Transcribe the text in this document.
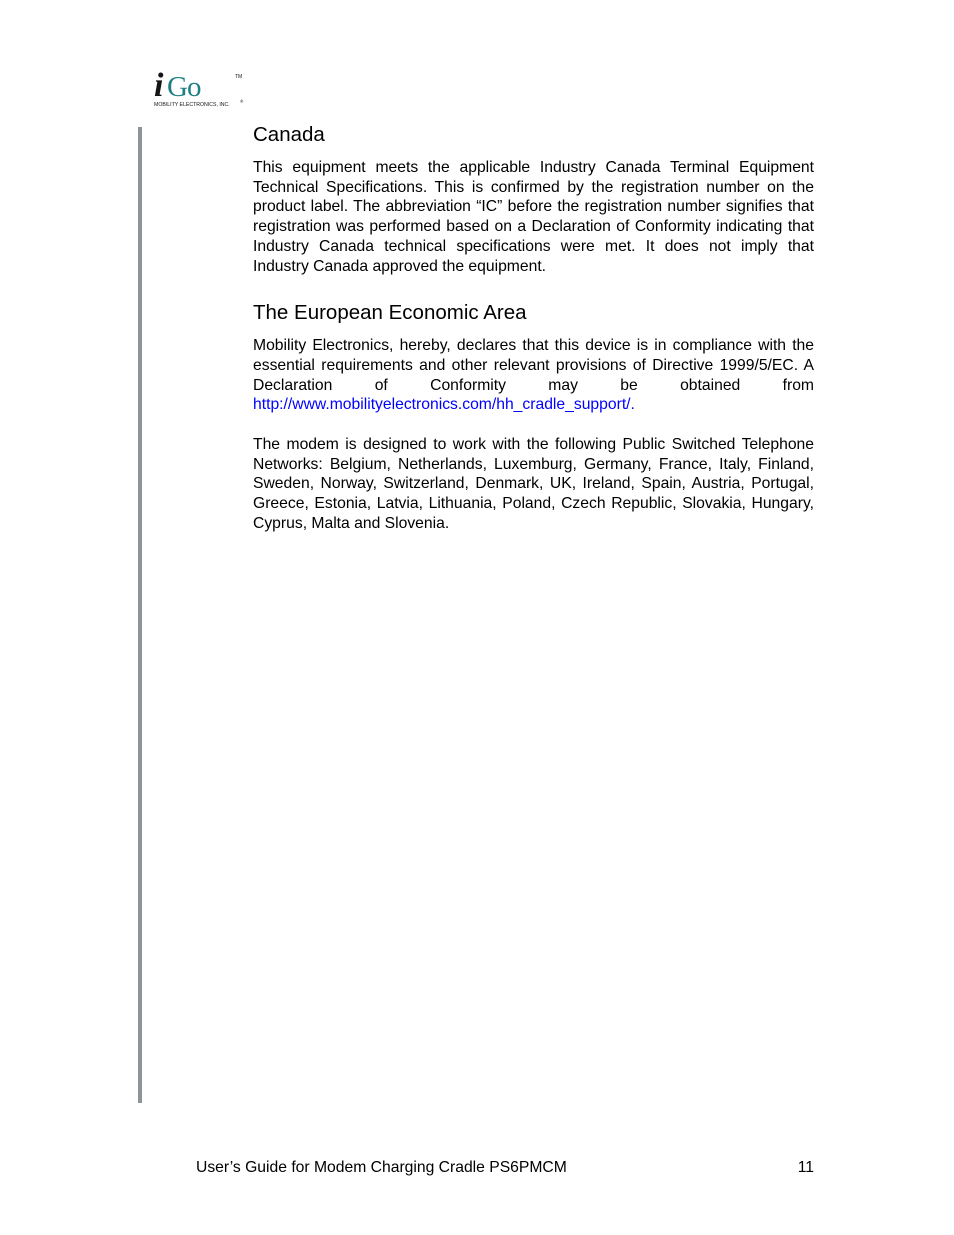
i Go	TM
MOBILITY ELECTRONICS, INC.
®
Canada

This equipment meets the applicable Industry Canada Terminal Equipment Technical Specifications. This is confirmed by the registration number on the product label. The abbreviation “IC” before the registration number signifies that registration was performed based on a Declaration of Conformity indicating that Industry Canada technical specifications were met. It does not imply that Industry Canada approved the equipment.

The European Economic Area

Mobility Electronics, hereby, declares that this device is in compliance with the essential requirements and other relevant provisions of Directive 1999/5/EC. A Declaration of Conformity may be obtained from http://www.mobilityelectronics.com/hh_cradle_support/.

The modem is designed to work with the following Public Switched Telephone Networks: Belgium, Netherlands, Luxemburg, Germany, France, Italy, Finland, Sweden, Norway, Switzerland, Denmark, UK, Ireland, Spain, Austria, Portugal, Greece, Estonia, Latvia, Lithuania, Poland, Czech Republic, Slovakia, Hungary, Cyprus, Malta and Slovenia.

User’s Guide for Modem Charging Cradle PS6PMCM	11
